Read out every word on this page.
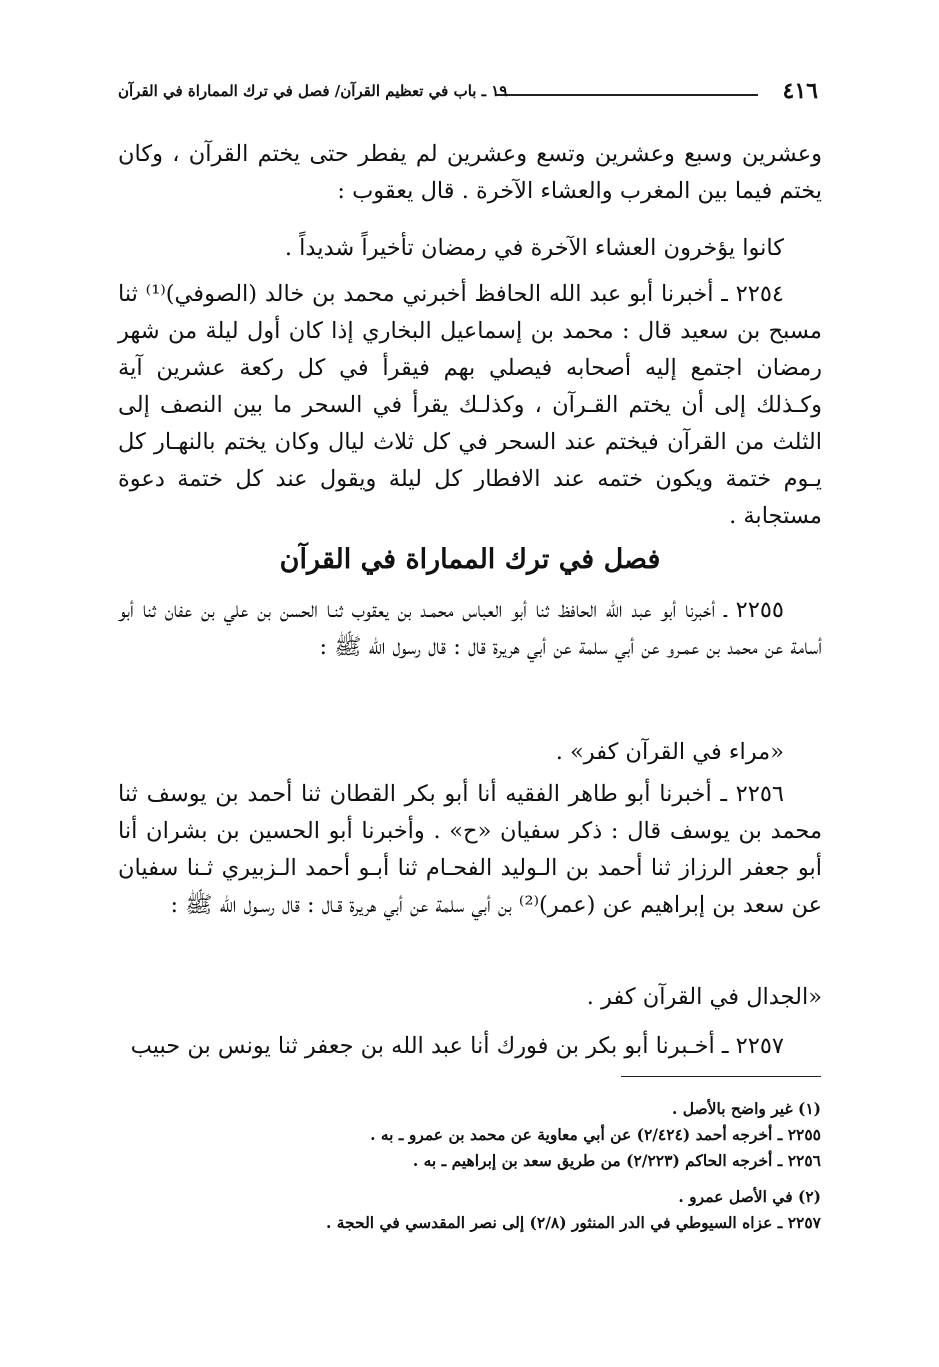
٤١٦
١٩ ـ باب في تعظيم القرآن/ فصل في ترك المماراة في القرآن

وعشرين وسبع وعشرين وتسع وعشرين لم يفطر حتى يختم القرآن ، وكان يختم فيما بين المغرب والعشاء الآخرة . قال يعقوب :

كانوا يؤخرون العشاء الآخرة في رمضان تأخيراً شديداً .

٢٢٥٤ ـ أخبرنا أبو عبد الله الحافظ أخبرني محمد بن خالد (الصوفي)⁽¹⁾ ثنا مسبح بن سعيد قال : محمد بن إسماعيل البخاري إذا كان أول ليلة من شهر رمضان اجتمع إليه أصحابه فيصلي بهم فيقرأ في كل ركعة عشرين آية وكـذلك إلى أن يختم القـرآن ، وكذلـك يقرأ في السحر ما بين النصف إلى الثلث من القرآن فيختم عند السحر في كل ثلاث ليال وكان يختم بالنهـار كل يـوم ختمة ويكون ختمه عند الافطار كل ليلة ويقول عند كل ختمة دعوة مستجابة .

فصل في ترك المماراة في القرآن

٢٢٥٥ ـ أخبرنا أبو عبد الله الحافظ ثنا أبو العباس محمـد بن يعقوب ثنـا الحسن بن علي بن عفان ثنا أبو أسامة عن محمد بن عمـرو عن أبي سلمة عن أبي هريرة قال : قال رسول الله ﷺ :

«مراء في القرآن كفر» .

٢٢٥٦ ـ أخبرنا أبو طاهر الفقيه أنا أبو بكر القطان ثنا أحمد بن يوسف ثنا محمد بن يوسف قال : ذكر سفيان «ح» . وأخبرنا أبو الحسين بن بشران أنا أبو جعفر الرزاز ثنا أحمد بن الـوليد الفحـام ثنا أبـو أحمد الـزبيري ثـنا سفيان عن سعد بن إبراهيم عن (عمر)⁽²⁾ بن أبي سلمة عن أبي هريرة قـال : قال رسـول الله ﷺ :

«الجدال في القرآن كفر .

٢٢٥٧ ـ أخـبرنا أبو بكر بن فورك أنا عبد الله بن جعفر ثنا يونس بن حبيب

(١) غير واضح بالأصل .
٢٢٥٥ ـ أخرجه أحمد (٢/٤٢٤) عن أبي معاوية عن محمد بن عمرو ـ به .
٢٢٥٦ ـ أخرجه الحاكم (٢/٢٢٣) من طريق سعد بن إبراهيم ـ به .
(٢) في الأصل عمرو .
٢٢٥٧ ـ عزاه السيوطي في الدر المنثور (٢/٨) إلى نصر المقدسي في الحجة .
